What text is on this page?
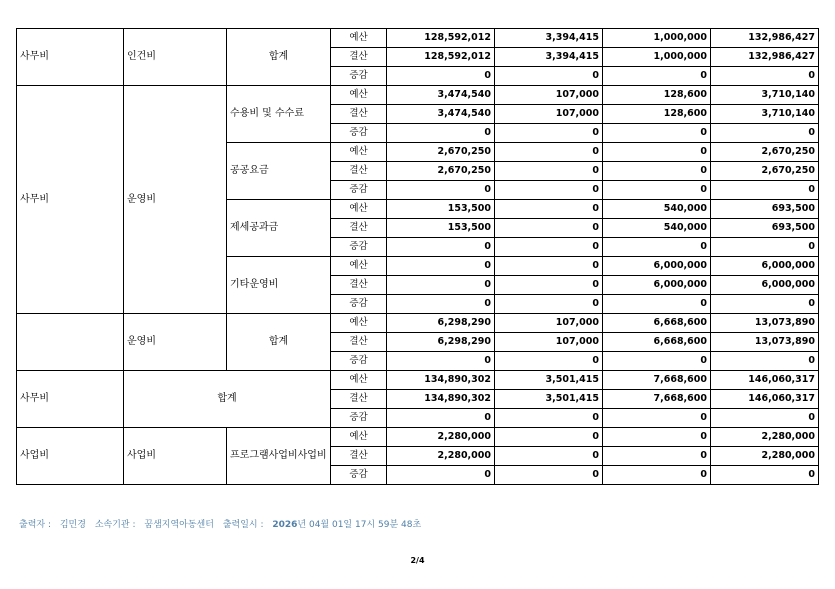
사무비	인건비	합계	예산	128,592,012	3,394,415	1,000,000	132,986,427
			결산	128,592,012	3,394,415	1,000,000	132,986,427
			증감	0	0	0	0
사무비	운영비	수용비 및 수수료	예산	3,474,540	107,000	128,600	3,710,140
			결산	3,474,540	107,000	128,600	3,710,140
			증감	0	0	0	0
		공공요금	예산	2,670,250	0	0	2,670,250
			결산	2,670,250	0	0	2,670,250
			증감	0	0	0	0
		제세공과금	예산	153,500	0	540,000	693,500
			결산	153,500	0	540,000	693,500
			증감	0	0	0	0
		기타운영비	예산	0	0	6,000,000	6,000,000
			결산	0	0	6,000,000	6,000,000
			증감	0	0	0	0
	운영비	합계	예산	6,298,290	107,000	6,668,600	13,073,890
			결산	6,298,290	107,000	6,668,600	13,073,890
			증감	0	0	0	0
사무비	합계		예산	134,890,302	3,501,415	7,668,600	146,060,317
			결산	134,890,302	3,501,415	7,668,600	146,060,317
			증감	0	0	0	0
사업비	사업비	프로그램사업비사업비	예산	2,280,000	0	0	2,280,000
			결산	2,280,000	0	0	2,280,000
			증감	0	0	0	0
출력자 : 김민경 소속기관 : 꿈샘지역아동센터 출력일시 : 2026년 04월 01일 17시 59분 48초
2/4
